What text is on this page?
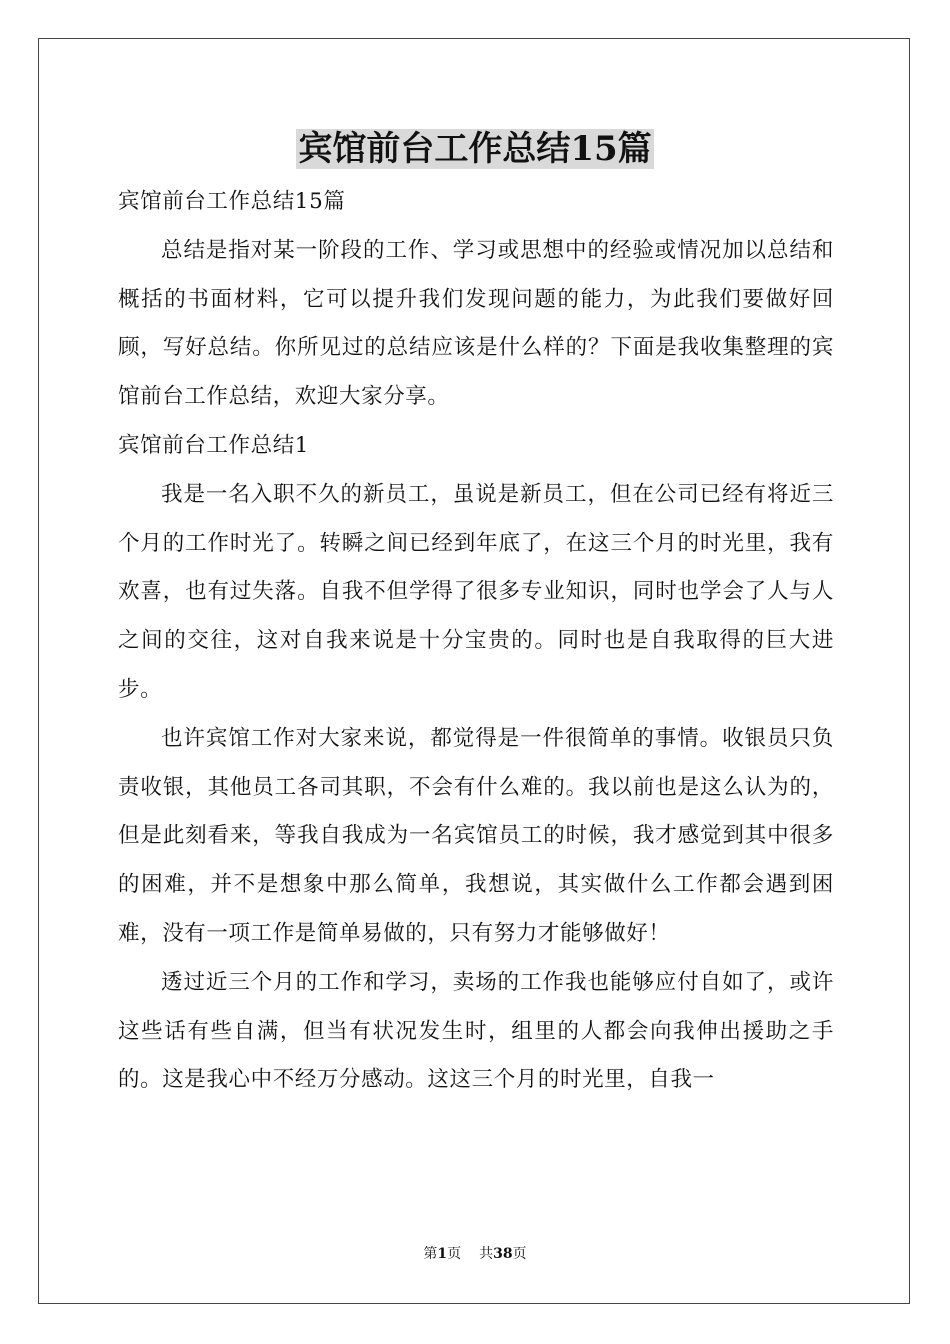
宾馆前台工作总结15篇

宾馆前台工作总结15篇

总结是指对某一阶段的工作、学习或思想中的经验或情况加以总结和概括的书面材料，它可以提升我们发现问题的能力，为此我们要做好回顾，写好总结。你所见过的总结应该是什么样的？下面是我收集整理的宾馆前台工作总结，欢迎大家分享。

宾馆前台工作总结1

我是一名入职不久的新员工，虽说是新员工，但在公司已经有将近三个月的工作时光了。转瞬之间已经到年底了，在这三个月的时光里，我有欢喜，也有过失落。自我不但学得了很多专业知识，同时也学会了人与人之间的交往，这对自我来说是十分宝贵的。同时也是自我取得的巨大进步。

也许宾馆工作对大家来说，都觉得是一件很简单的事情。收银员只负责收银，其他员工各司其职，不会有什么难的。我以前也是这么认为的，但是此刻看来，等我自我成为一名宾馆员工的时候，我才感觉到其中很多的困难，并不是想象中那么简单，我想说，其实做什么工作都会遇到困难，没有一项工作是简单易做的，只有努力才能够做好！

透过近三个月的工作和学习，卖场的工作我也能够应付自如了，或许这些话有些自满，但当有状况发生时，组里的人都会向我伸出援助之手的。这是我心中不经万分感动。这这三个月的时光里，自我一

第1页 共38页
